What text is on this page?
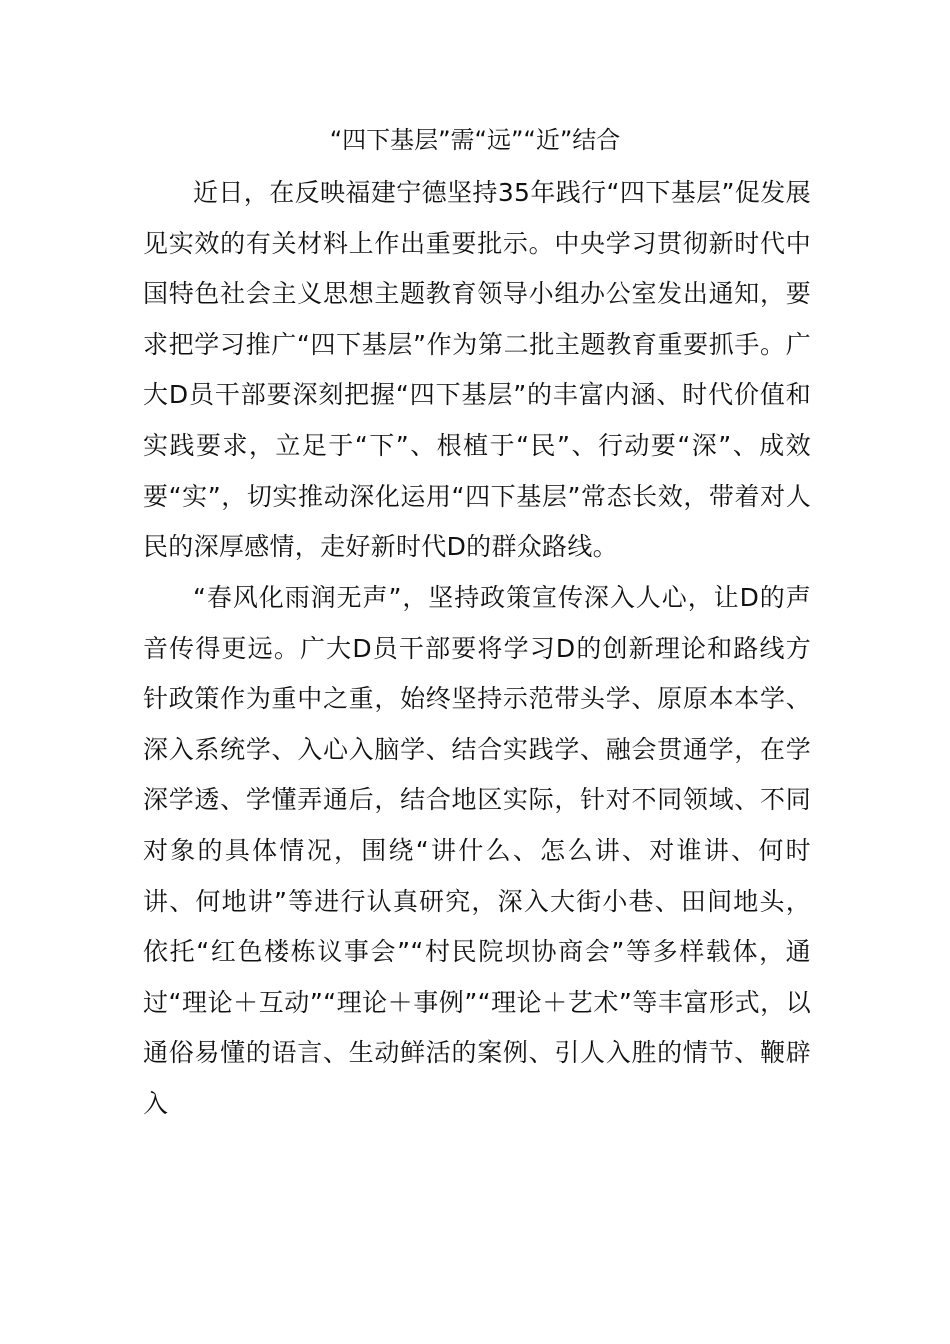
“四下基层”需“远”“近”结合

近日，在反映福建宁德坚持35年践行“四下基层”促发展见实效的有关材料上作出重要批示。中央学习贯彻新时代中国特色社会主义思想主题教育领导小组办公室发出通知，要求把学习推广“四下基层”作为第二批主题教育重要抓手。广大D员干部要深刻把握“四下基层”的丰富内涵、时代价值和实践要求，立足于“下”、根植于“民”、行动要“深”、成效要“实”，切实推动深化运用“四下基层”常态长效，带着对人民的深厚感情，走好新时代D的群众路线。

“春风化雨润无声”，坚持政策宣传深入人心，让D的声音传得更远。广大D员干部要将学习D的创新理论和路线方针政策作为重中之重，始终坚持示范带头学、原原本本学、深入系统学、入心入脑学、结合实践学、融会贯通学，在学深学透、学懂弄通后，结合地区实际，针对不同领域、不同对象的具体情况，围绕“讲什么、怎么讲、对谁讲、何时讲、何地讲”等进行认真研究，深入大街小巷、田间地头，依托“红色楼栋议事会”“村民院坝协商会”等多样载体，通过“理论＋互动”“理论＋事例”“理论＋艺术”等丰富形式，以通俗易懂的语言、生动鲜活的案例、引人入胜的情节、鞭辟入
